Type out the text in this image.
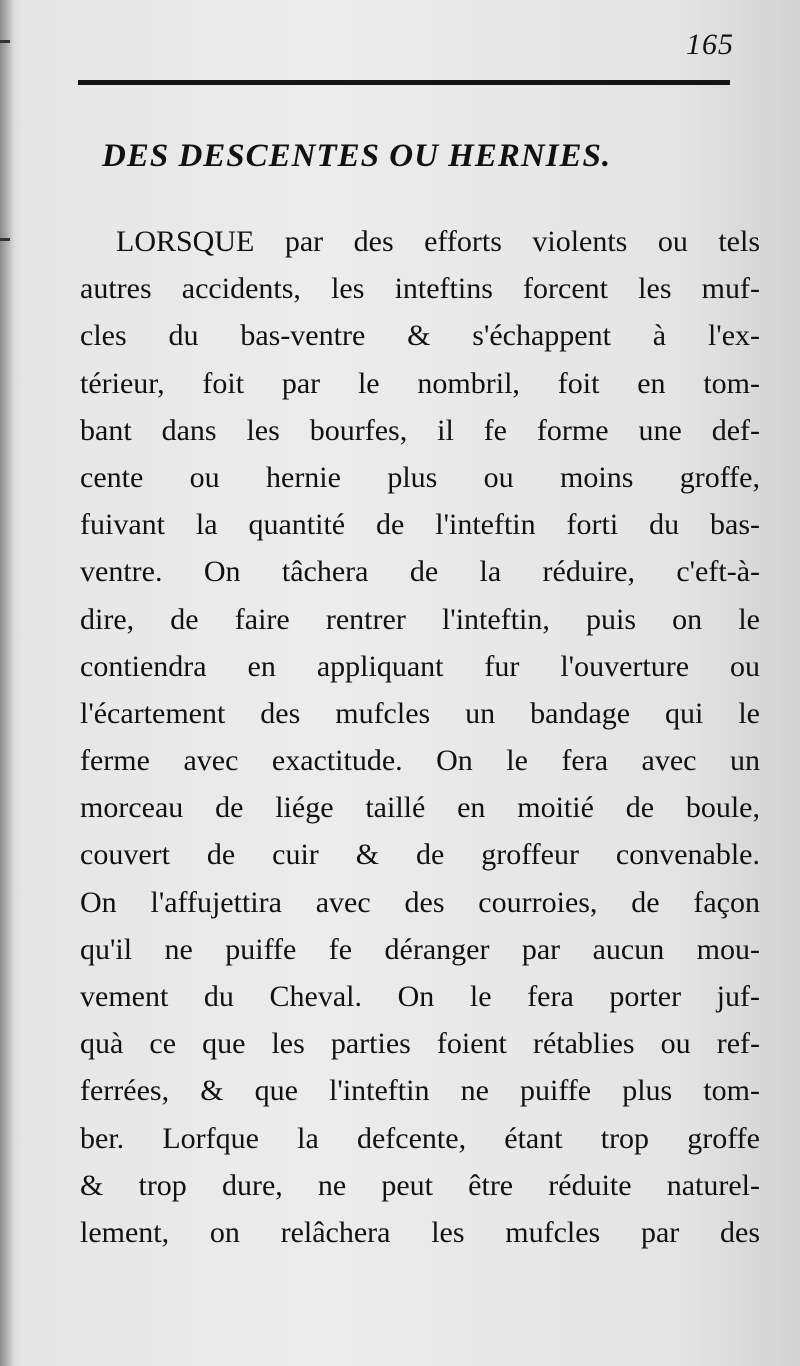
165
DES DESCENTES OU HERNIES.
LORSQUE par des efforts violents ou tels
autres accidents, les inteftins forcent les muf-
cles du bas-ventre & s'échappent à l'ex-
térieur, foit par le nombril, foit en tom-
bant dans les bourfes, il fe forme une def-
cente ou hernie plus ou moins groffe,
fuivant la quantité de l'inteftin forti du bas-
ventre. On tâchera de la réduire, c'eft-à-
dire, de faire rentrer l'inteftin, puis on le
contiendra en appliquant fur l'ouverture ou
l'écartement des mufcles un bandage qui le
ferme avec exactitude. On le fera avec un
morceau de liége taillé en moitié de boule,
couvert de cuir & de groffeur convenable.
On l'affujettira avec des courroies, de façon
qu'il ne puiffe fe déranger par aucun mou-
vement du Cheval. On le fera porter juf-
quà ce que les parties foient rétablies ou ref-
ferrées, & que l'inteftin ne puiffe plus tom-
ber. Lorfque la defcente, étant trop groffe
& trop dure, ne peut être réduite naturel-
lement, on relâchera les mufcles par des
